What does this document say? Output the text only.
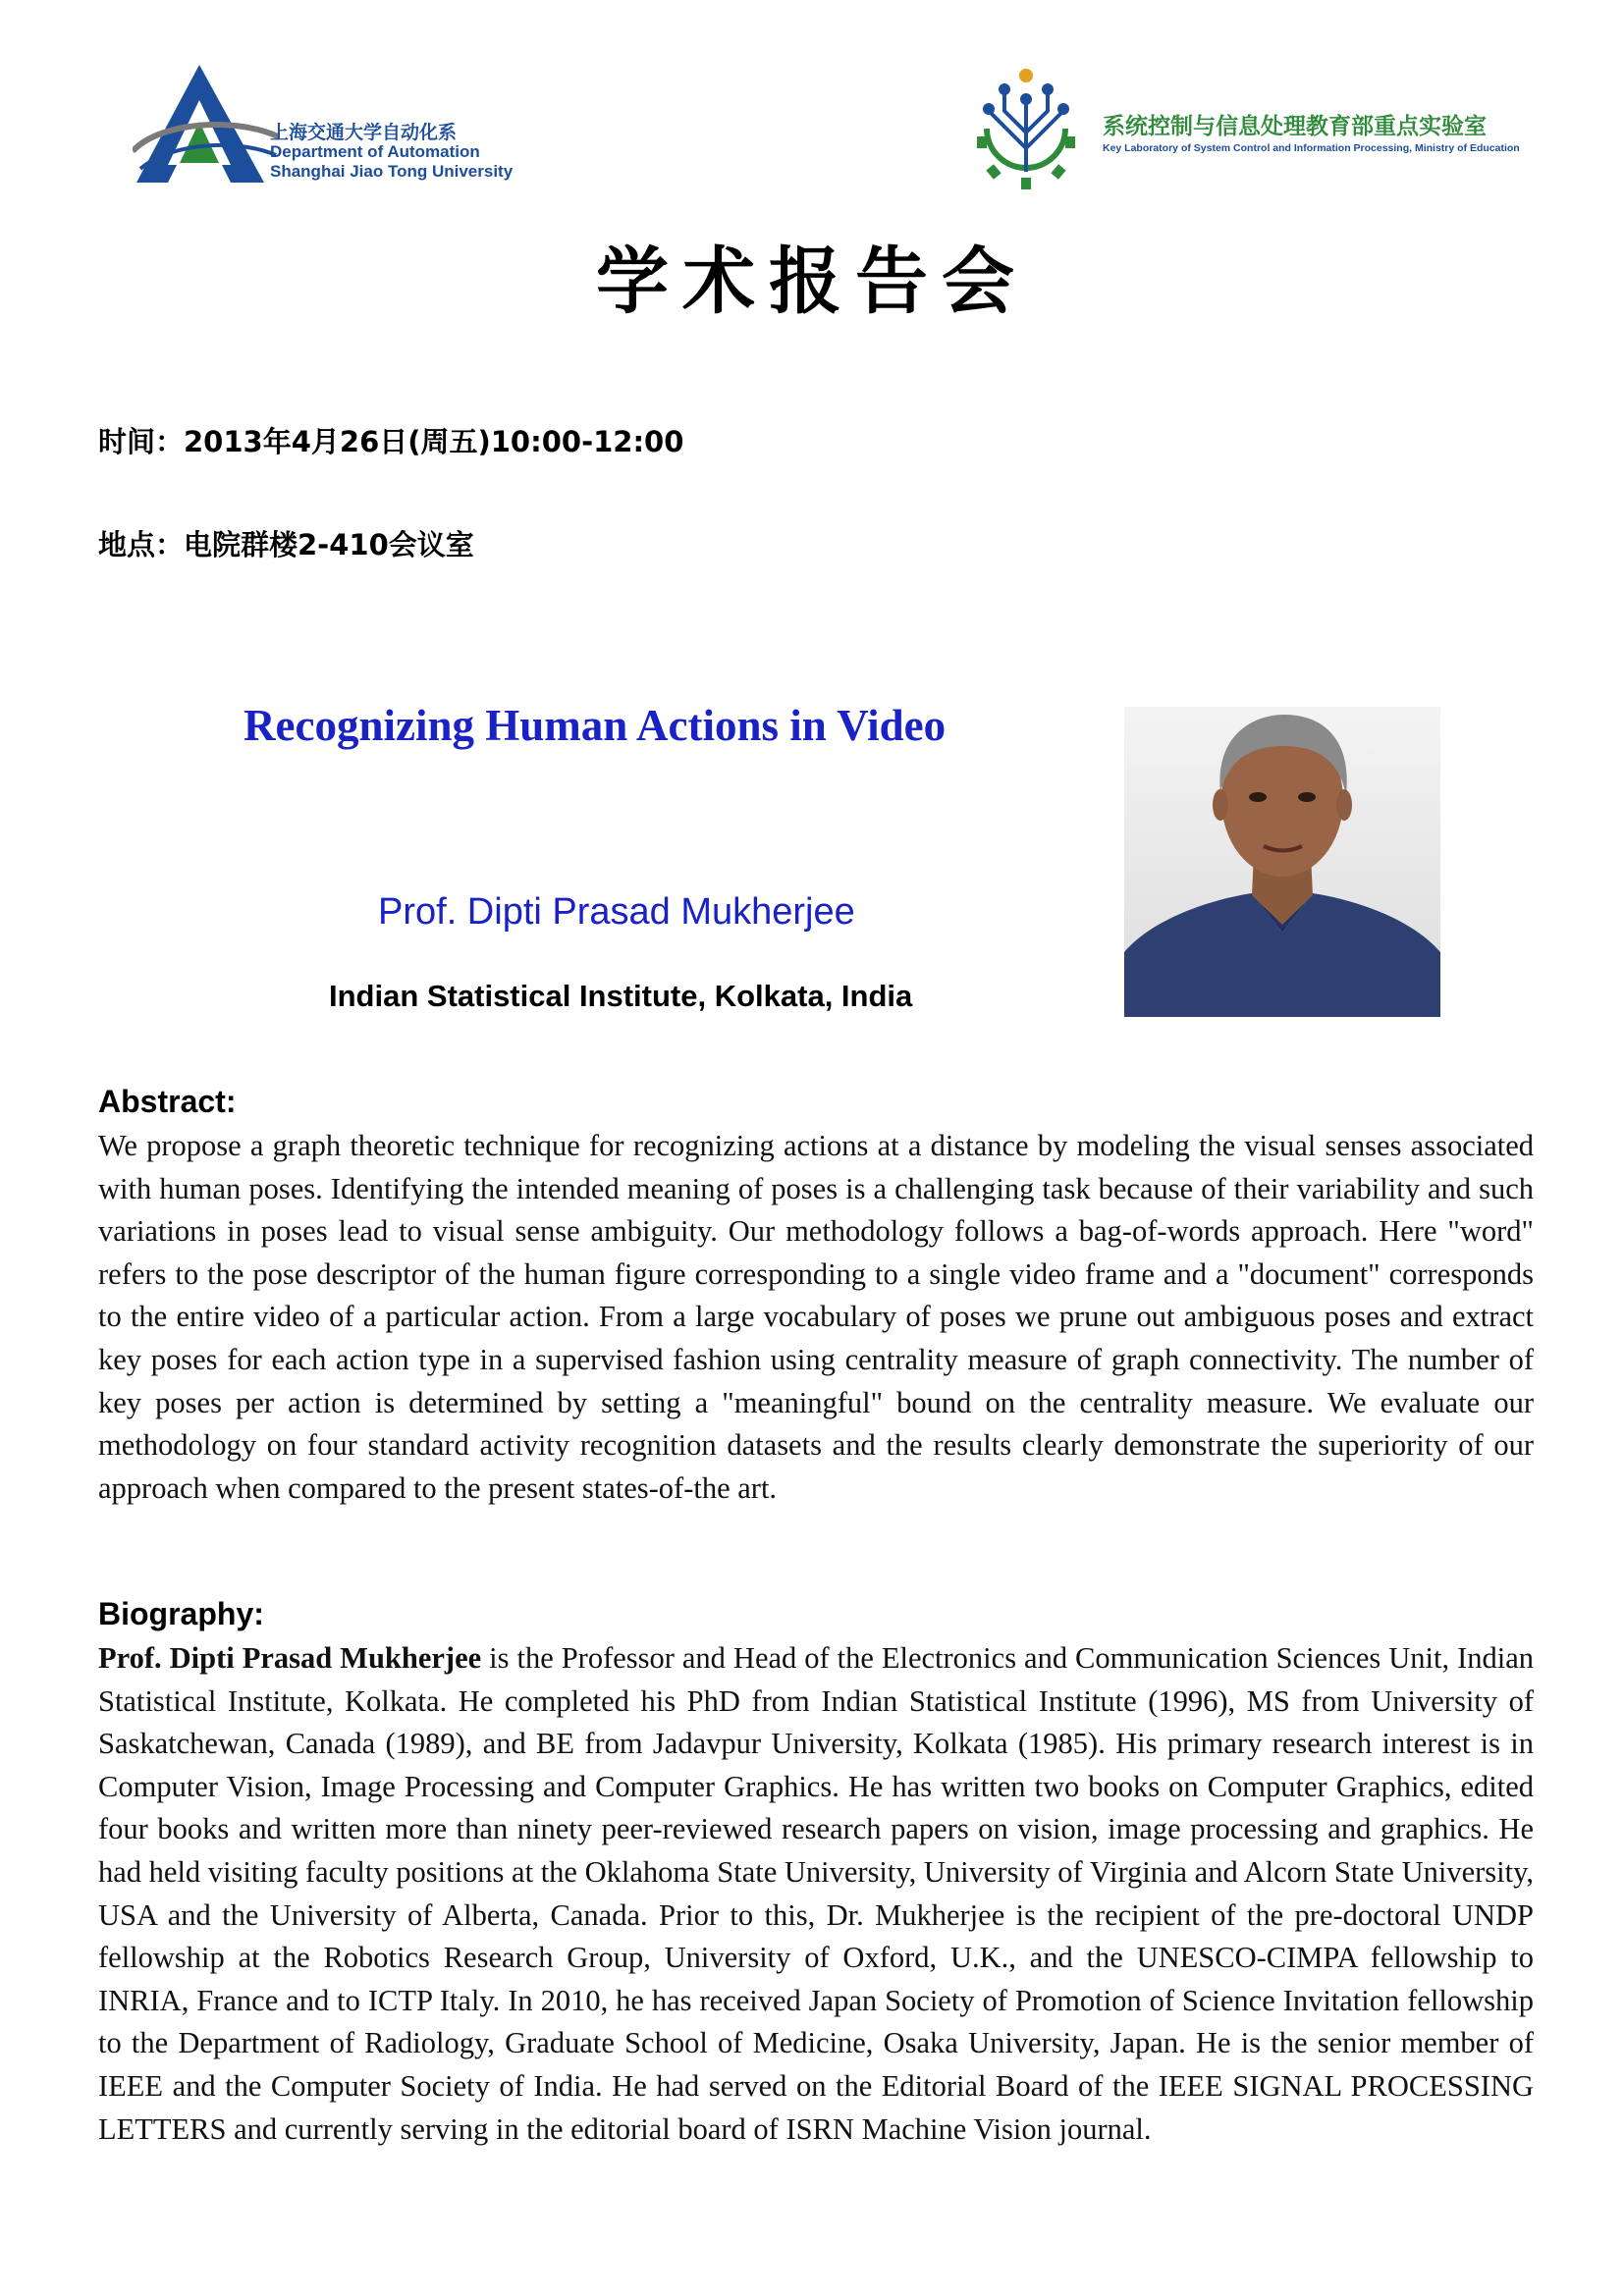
上海交通大学自动化系
Department of Automation
Shanghai Jiao Tong University
系统控制与信息处理教育部重点实验室
Key Laboratory of System Control and Information Processing, Ministry of Education
学术报告会
时间：2013年4月26日(周五)10:00-12:00
地点：电院群楼2-410会议室
Recognizing Human Actions in Video
Prof. Dipti Prasad Mukherjee
Indian Statistical Institute, Kolkata, India
Abstract:
We propose a graph theoretic technique for recognizing actions at a distance by modeling the visual senses associated with human poses. Identifying the intended meaning of poses is a challenging task because of their variability and such variations in poses lead to visual sense ambiguity. Our methodology follows a bag-of-words approach. Here "word" refers to the pose descriptor of the human figure corresponding to a single video frame and a "document" corresponds to the entire video of a particular action. From a large vocabulary of poses we prune out ambiguous poses and extract key poses for each action type in a supervised fashion using centrality measure of graph connectivity. The number of key poses per action is determined by setting a "meaningful" bound on the centrality measure. We evaluate our methodology on four standard activity recognition datasets and the results clearly demonstrate the superiority of our approach when compared to the present states-of-the art.
Biography:
Prof. Dipti Prasad Mukherjee is the Professor and Head of the Electronics and Communication Sciences Unit, Indian Statistical Institute, Kolkata. He completed his PhD from Indian Statistical Institute (1996), MS from University of Saskatchewan, Canada (1989), and BE from Jadavpur University, Kolkata (1985). His primary research interest is in Computer Vision, Image Processing and Computer Graphics. He has written two books on Computer Graphics, edited four books and written more than ninety peer-reviewed research papers on vision, image processing and graphics. He had held visiting faculty positions at the Oklahoma State University, University of Virginia and Alcorn State University, USA and the University of Alberta, Canada. Prior to this, Dr. Mukherjee is the recipient of the pre-doctoral UNDP fellowship at the Robotics Research Group, University of Oxford, U.K., and the UNESCO-CIMPA fellowship to INRIA, France and to ICTP Italy. In 2010, he has received Japan Society of Promotion of Science Invitation fellowship to the Department of Radiology, Graduate School of Medicine, Osaka University, Japan. He is the senior member of IEEE and the Computer Society of India. He had served on the Editorial Board of the IEEE SIGNAL PROCESSING LETTERS and currently serving in the editorial board of ISRN Machine Vision journal.
